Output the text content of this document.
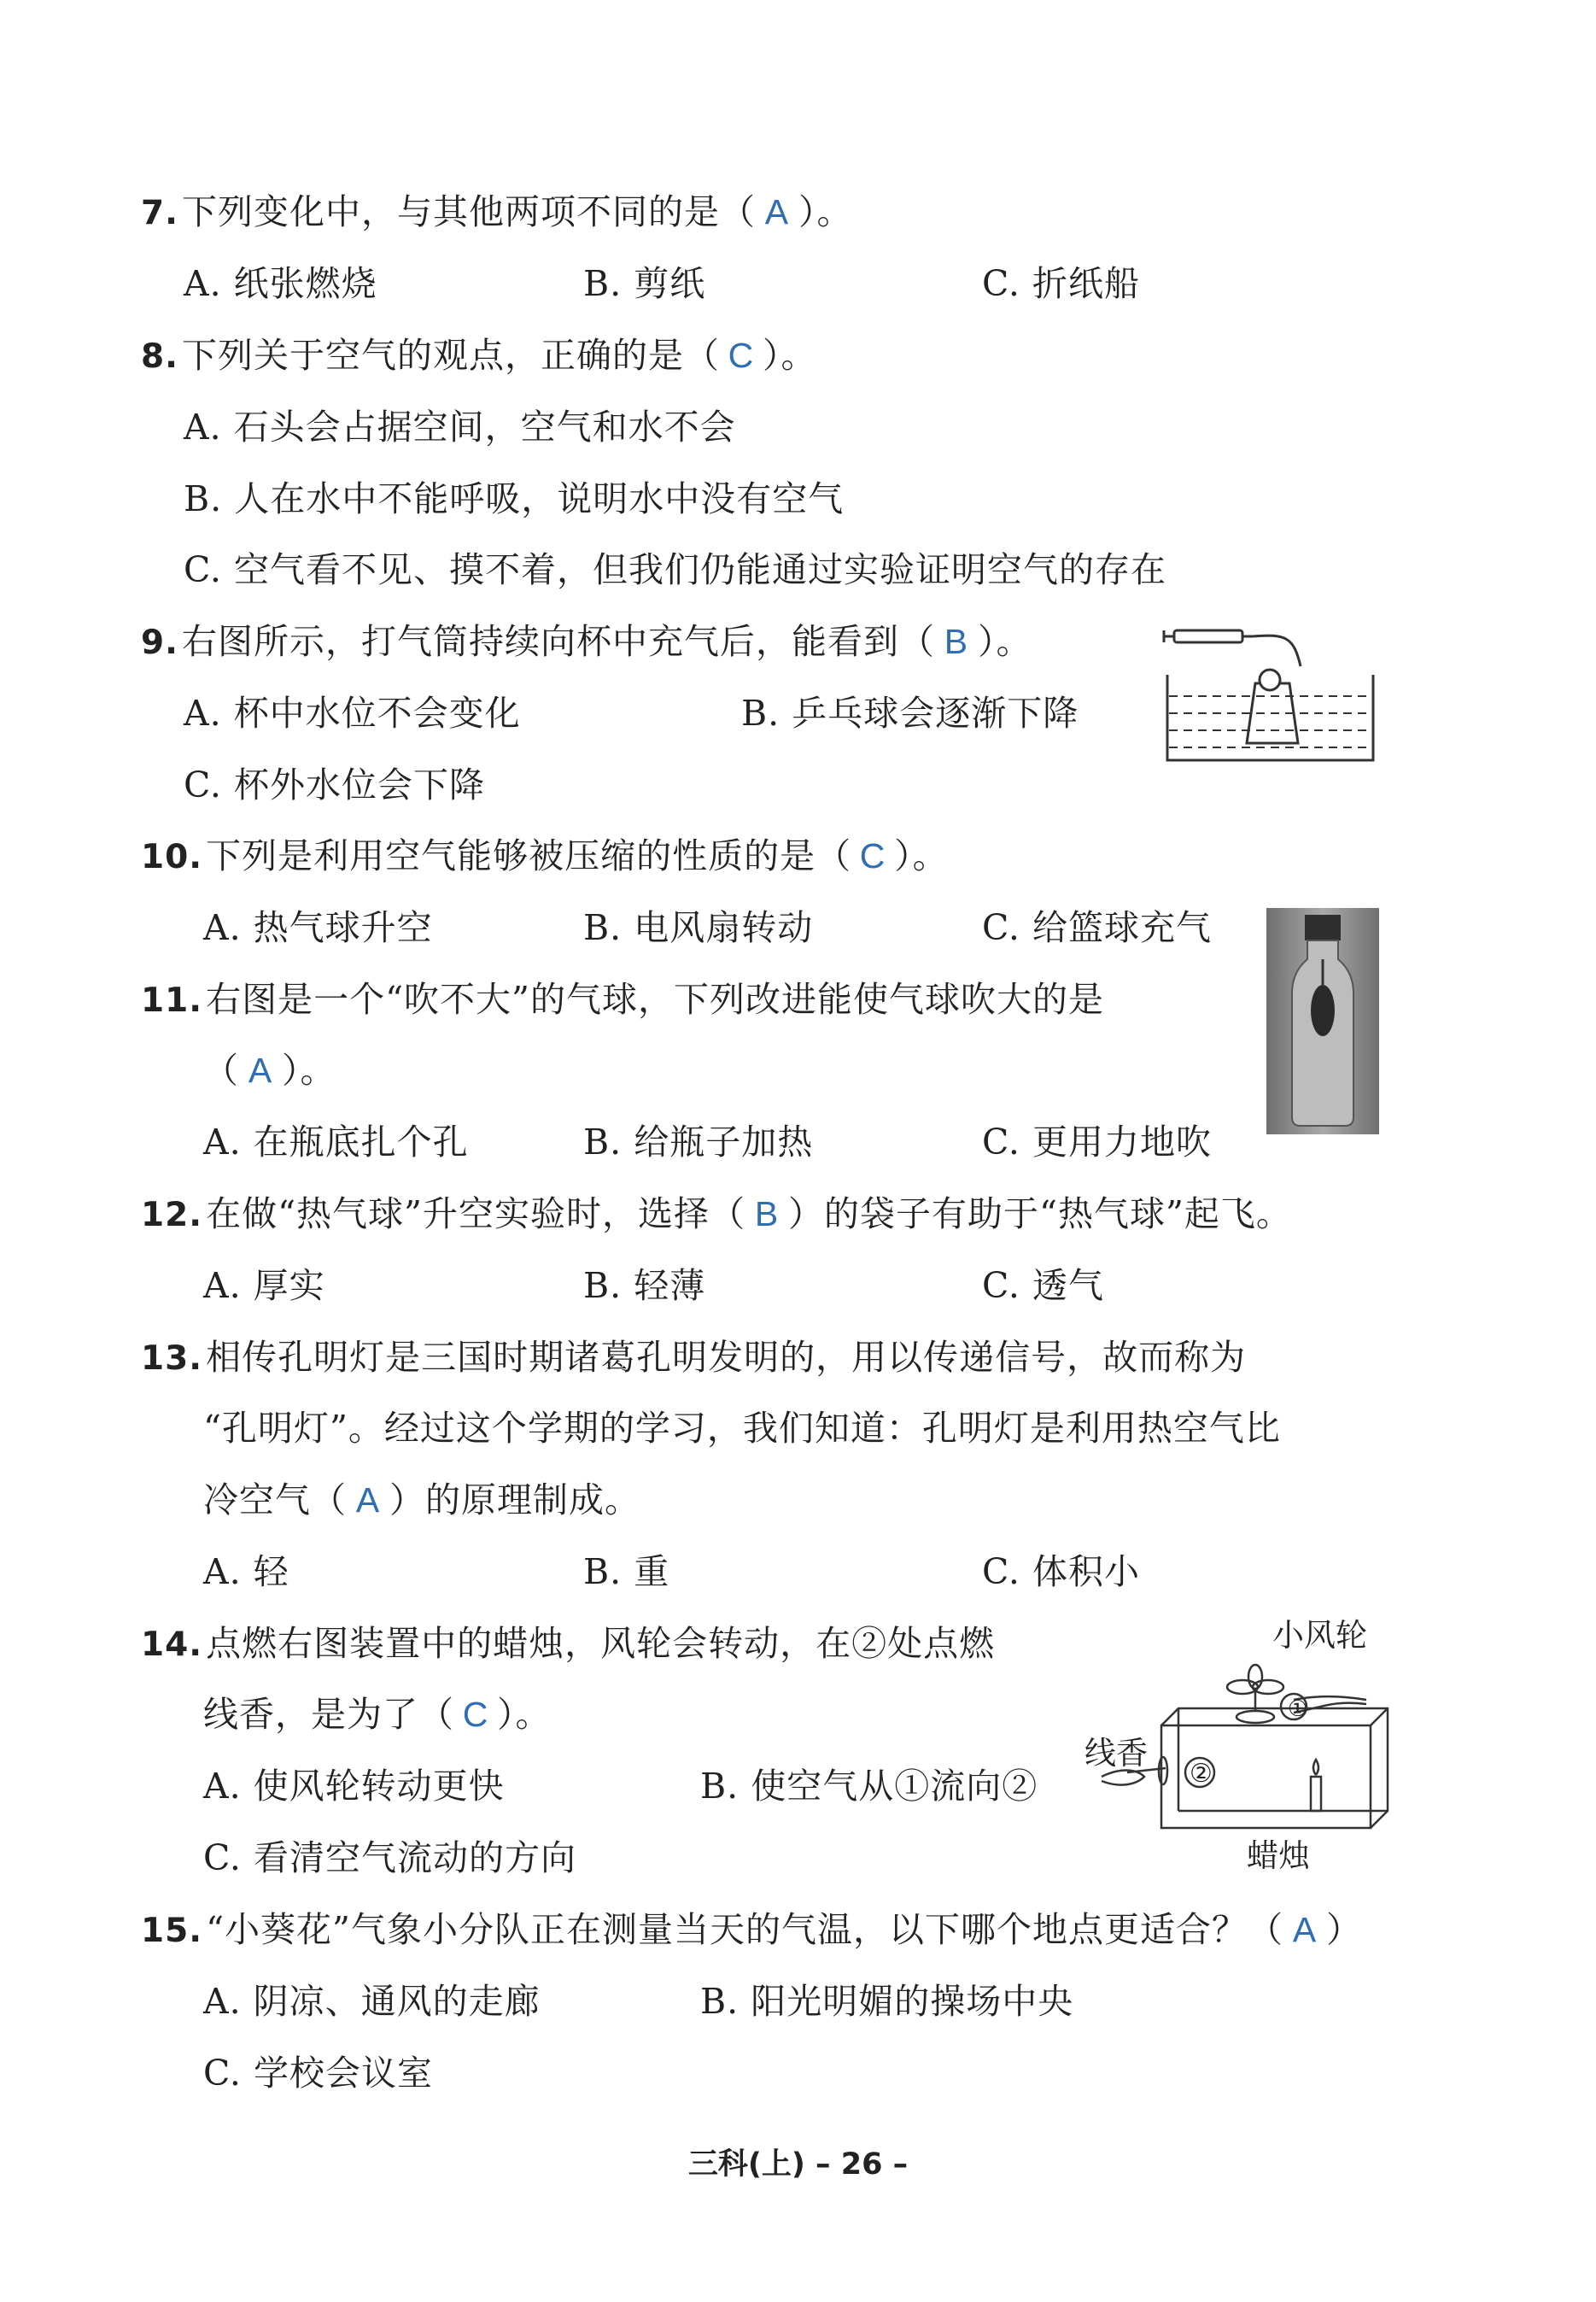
7.下列变化中，与其他两项不同的是（ A ）。
A. 纸张燃烧	B. 剪纸	C. 折纸船
8.下列关于空气的观点，正确的是（ C ）。
A. 石头会占据空间，空气和水不会
B. 人在水中不能呼吸，说明水中没有空气
C. 空气看不见、摸不着，但我们仍能通过实验证明空气的存在
9.右图所示，打气筒持续向杯中充气后，能看到（ B ）。
A. 杯中水位不会变化	B. 乒乓球会逐渐下降
C. 杯外水位会下降
10.下列是利用空气能够被压缩的性质的是（ C ）。
A. 热气球升空	B. 电风扇转动	C. 给篮球充气
11.右图是一个“吹不大”的气球，下列改进能使气球吹大的是
（ A ）。
A. 在瓶底扎个孔	B. 给瓶子加热	C. 更用力地吹
12.在做“热气球”升空实验时，选择（ B ）的袋子有助于“热气球”起飞。
A. 厚实	B. 轻薄	C. 透气
13.相传孔明灯是三国时期诸葛孔明发明的，用以传递信号，故而称为
“孔明灯”。经过这个学期的学习，我们知道：孔明灯是利用热空气比
冷空气（ A ）的原理制成。
A. 轻	B. 重	C. 体积小
14.点燃右图装置中的蜡烛，风轮会转动，在②处点燃
线香，是为了（ C ）。
A. 使风轮转动更快	B. 使空气从①流向②
C. 看清空气流动的方向
小风轮
线香
蜡烛
①
②
15.“小葵花”气象小分队正在测量当天的气温，以下哪个地点更适合？（ A ）
A. 阴凉、通风的走廊	B. 阳光明媚的操场中央
C. 学校会议室
三科(上) – 26 –
